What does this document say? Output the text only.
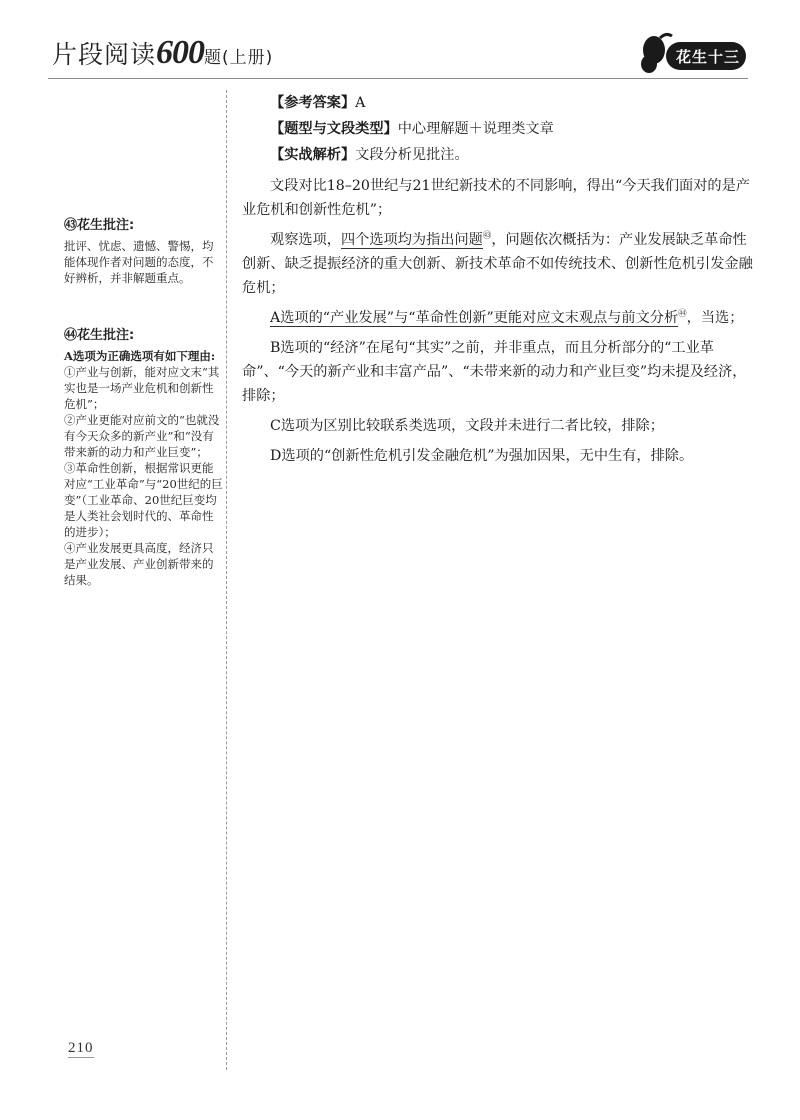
片段阅读600题(上册)	花生十三
㊸花生批注:

批评、忧虑、遗憾、警惕，均能体现作者对问题的态度，不好辨析，并非解题重点。

㊹花生批注:

A选项为正确选项有如下理由:

①产业与创新，能对应文末“其实也是一场产业危机和创新性危机”；

②产业更能对应前文的“也就没有今天众多的新产业”和“没有带来新的动力和产业巨变”；

③革命性创新，根据常识更能对应“工业革命”与“20世纪的巨变”（工业革命、20世纪巨变均是人类社会划时代的、革命性的进步）；

④产业发展更具高度，经济只是产业发展、产业创新带来的结果。

【参考答案】A

【题型与文段类型】中心理解题＋说理类文章

【实战解析】文段分析见批注。

文段对比18–20世纪与21世纪新技术的不同影响，得出“今天我们面对的是产业危机和创新性危机”；

观察选项，四个选项均为指出问题$^㊸$，问题依次概括为：产业发展缺乏革命性创新、缺乏提振经济的重大创新、新技术革命不如传统技术、创新性危机引发金融危机；

A选项的“产业发展”与“革命性创新”更能对应文末观点与前文分析$^㊹$，当选；

B选项的“经济”在尾句“其实”之前，并非重点，而且分析部分的“工业革命”、“今天的新产业和丰富产品”、“未带来新的动力和产业巨变”均未提及经济，排除；

C选项为区别比较联系类选项，文段并未进行二者比较，排除；

D选项的“创新性危机引发金融危机”为强加因果，无中生有，排除。

210
